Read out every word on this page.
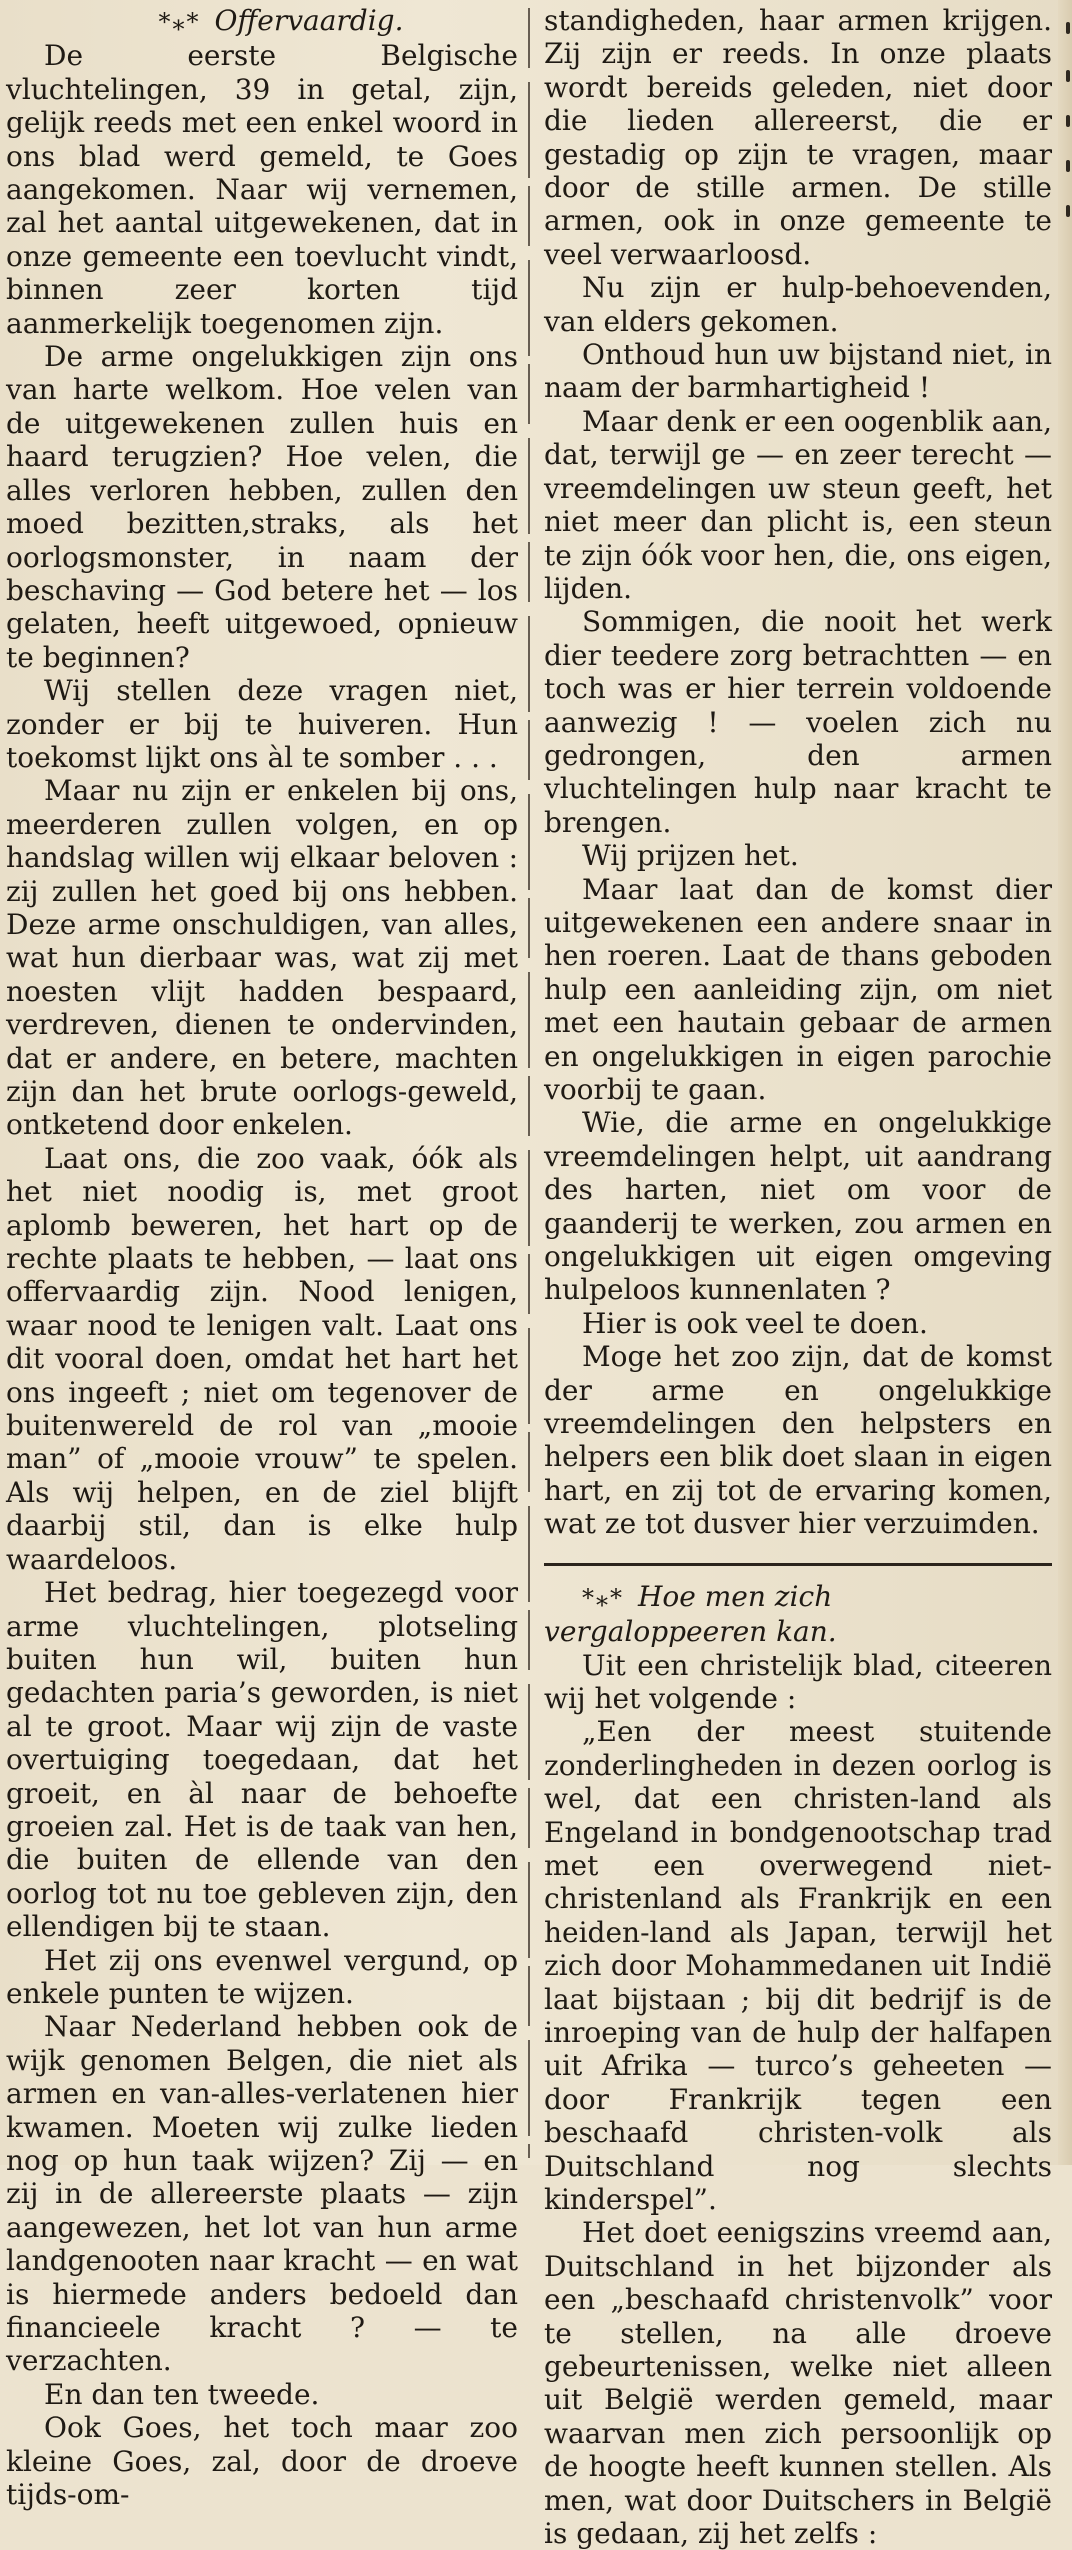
*⁎* Offervaardig.

De eerste Belgische vluchtelingen, 39 in getal, zijn, gelijk reeds met een enkel woord in ons blad werd gemeld, te Goes aangekomen. Naar wij vernemen, zal het aantal uitgewekenen, dat in onze gemeente een toevlucht vindt, binnen zeer korten tijd aanmerkelijk toegenomen zijn.

De arme ongelukkigen zijn ons van harte welkom. Hoe velen van de uitgewekenen zullen huis en haard terugzien? Hoe velen, die alles verloren hebben, zullen den moed bezitten,straks, als het oorlogsmonster, in naam der beschaving — God betere het — los gelaten, heeft uitgewoed, opnieuw te beginnen?

Wij stellen deze vragen niet, zonder er bij te huiveren. Hun toekomst lijkt ons àl te somber . . .

Maar nu zijn er enkelen bij ons, meerderen zullen volgen, en op handslag willen wij elkaar beloven : zij zullen het goed bij ons hebben. Deze arme onschuldigen, van alles, wat hun dierbaar was, wat zij met noesten vlijt hadden bespaard, verdreven, dienen te ondervinden, dat er andere, en betere, machten zijn dan het brute oorlogs-geweld, ontketend door enkelen.

Laat ons, die zoo vaak, óók als het niet noodig is, met groot aplomb beweren, het hart op de rechte plaats te hebben, — laat ons offervaardig zijn. Nood lenigen, waar nood te lenigen valt. Laat ons dit vooral doen, omdat het hart het ons ingeeft ; niet om tegenover de buitenwereld de rol van „mooie man” of „mooie vrouw” te spelen. Als wij helpen, en de ziel blijft daarbij stil, dan is elke hulp waardeloos.

Het bedrag, hier toegezegd voor arme vluchtelingen, plotseling buiten hun wil, buiten hun gedachten paria’s geworden, is niet al te groot. Maar wij zijn de vaste overtuiging toegedaan, dat het groeit, en àl naar de behoefte groeien zal. Het is de taak van hen, die buiten de ellende van den oorlog tot nu toe gebleven zijn, den ellendigen bij te staan.

Het zij ons evenwel vergund, op enkele punten te wijzen.

Naar Nederland hebben ook de wijk genomen Belgen, die niet als armen en van-alles-verlatenen hier kwamen. Moeten wij zulke lieden nog op hun taak wijzen? Zij — en zij in de allereerste plaats — zijn aangewezen, het lot van hun arme landgenooten naar kracht — en wat is hiermede anders bedoeld dan financieele kracht ? — te verzachten.

En dan ten tweede.

Ook Goes, het toch maar zoo kleine Goes, zal, door de droeve tijds-om-

standigheden, haar armen krijgen. Zij zijn er reeds. In onze plaats wordt bereids geleden, niet door die lieden allereerst, die er gestadig op zijn te vragen, maar door de stille armen. De stille armen, ook in onze gemeente te veel verwaarloosd.

Nu zijn er hulp-behoevenden, van elders gekomen.

Onthoud hun uw bijstand niet, in naam der barmhartigheid !

Maar denk er een oogenblik aan, dat, terwijl ge — en zeer terecht — vreemdelingen uw steun geeft, het niet meer dan plicht is, een steun te zijn óók voor hen, die, ons eigen, lijden.

Sommigen, die nooit het werk dier teedere zorg betrachtten — en toch was er hier terrein voldoende aanwezig ! — voelen zich nu gedrongen, den armen vluchtelingen hulp naar kracht te brengen.

Wij prijzen het.

Maar laat dan de komst dier uitgewekenen een andere snaar in hen roeren. Laat de thans geboden hulp een aanleiding zijn, om niet met een hautain gebaar de armen en ongelukkigen in eigen parochie voorbij te gaan.

Wie, die arme en ongelukkige vreemdelingen helpt, uit aandrang des harten, niet om voor de gaanderij te werken, zou armen en ongelukkigen uit eigen omgeving hulpeloos kunnenlaten ?

Hier is ook veel te doen.

Moge het zoo zijn, dat de komst der arme en ongelukkige vreemdelingen den helpsters en helpers een blik doet slaan in eigen hart, en zij tot de ervaring komen, wat ze tot dusver hier verzuimden.

*⁎* Hoe men zich vergaloppeeren kan.

Uit een christelijk blad, citeeren wij het volgende :

„Een der meest stuitende zonderlingheden in dezen oorlog is wel, dat een christen-land als Engeland in bondgenootschap trad met een overwegend niet-christenland als Frankrijk en een heiden-land als Japan, terwijl het zich door Mohammedanen uit Indië laat bijstaan ; bij dit bedrijf is de inroeping van de hulp der halfapen uit Afrika — turco’s geheeten — door Frankrijk tegen een beschaafd christen-volk als Duitschland nog slechts kinderspel”.

Het doet eenigszins vreemd aan, Duitschland in het bijzonder als een „beschaafd christenvolk” voor te stellen, na alle droeve gebeurtenissen, welke niet alleen uit België werden gemeld, maar waarvan men zich persoonlijk op de hoogte heeft kunnen stellen. Als men, wat door Duitschers in België is gedaan, zij het zelfs :
